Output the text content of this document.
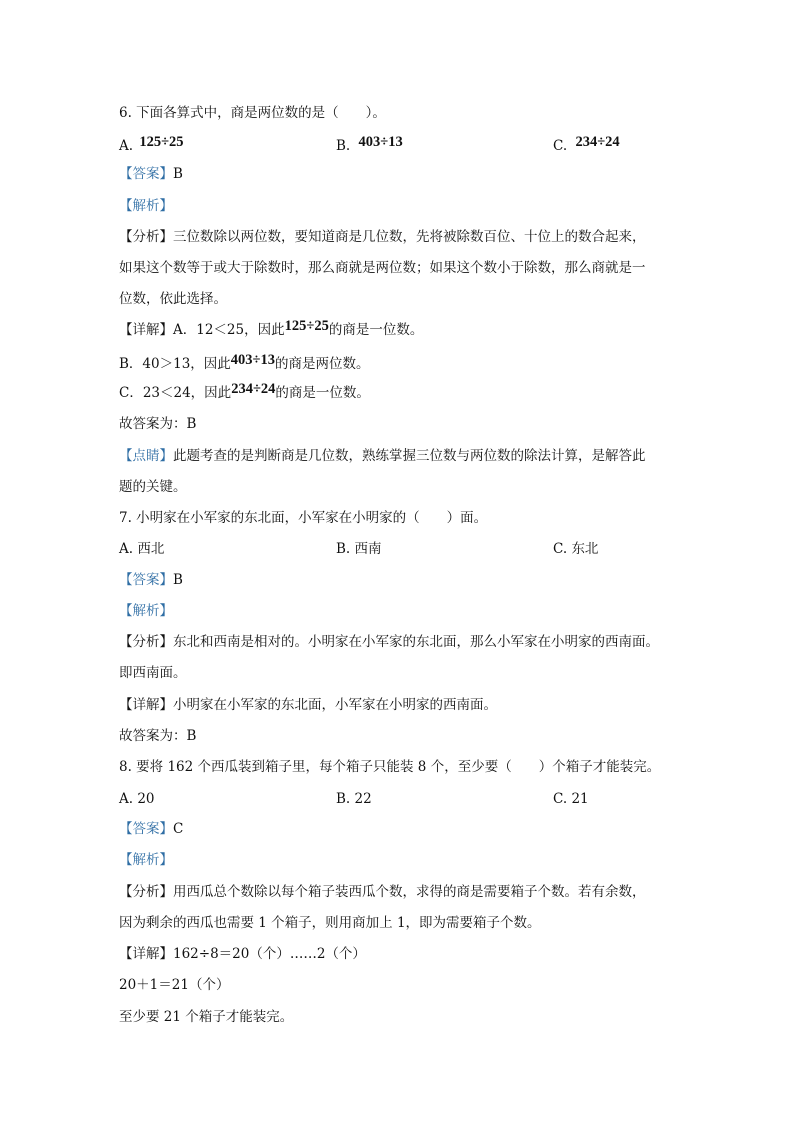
6. 下面各算式中，商是两位数的是（　　）。
A. 125÷25	B. 403÷13	C. 234÷24
【答案】B
【解析】
【分析】三位数除以两位数，要知道商是几位数，先将被除数百位、十位上的数合起来，
如果这个数等于或大于除数时，那么商就是两位数；如果这个数小于除数，那么商就是一
位数，依此选择。
【详解】A．12＜25，因此125÷25的商是一位数。
B．40＞13，因此403÷13的商是两位数。
C．23＜24，因此234÷24的商是一位数。
故答案为：B
【点睛】此题考查的是判断商是几位数，熟练掌握三位数与两位数的除法计算，是解答此
题的关键。
7. 小明家在小军家的东北面，小军家在小明家的（　　）面。
A. 西北	B. 西南	C. 东北
【答案】B
【解析】
【分析】东北和西南是相对的。小明家在小军家的东北面，那么小军家在小明家的西南面。
即西南面。
【详解】小明家在小军家的东北面，小军家在小明家的西南面。
故答案为：B
8. 要将 162 个西瓜装到箱子里，每个箱子只能装 8 个，至少要（　　）个箱子才能装完。
A. 20	B. 22	C. 21
【答案】C
【解析】
【分析】用西瓜总个数除以每个箱子装西瓜个数，求得的商是需要箱子个数。若有余数，
因为剩余的西瓜也需要 1 个箱子，则用商加上 1，即为需要箱子个数。
【详解】162÷8＝20（个）……2（个）
20＋1＝21（个）
至少要 21 个箱子才能装完。
